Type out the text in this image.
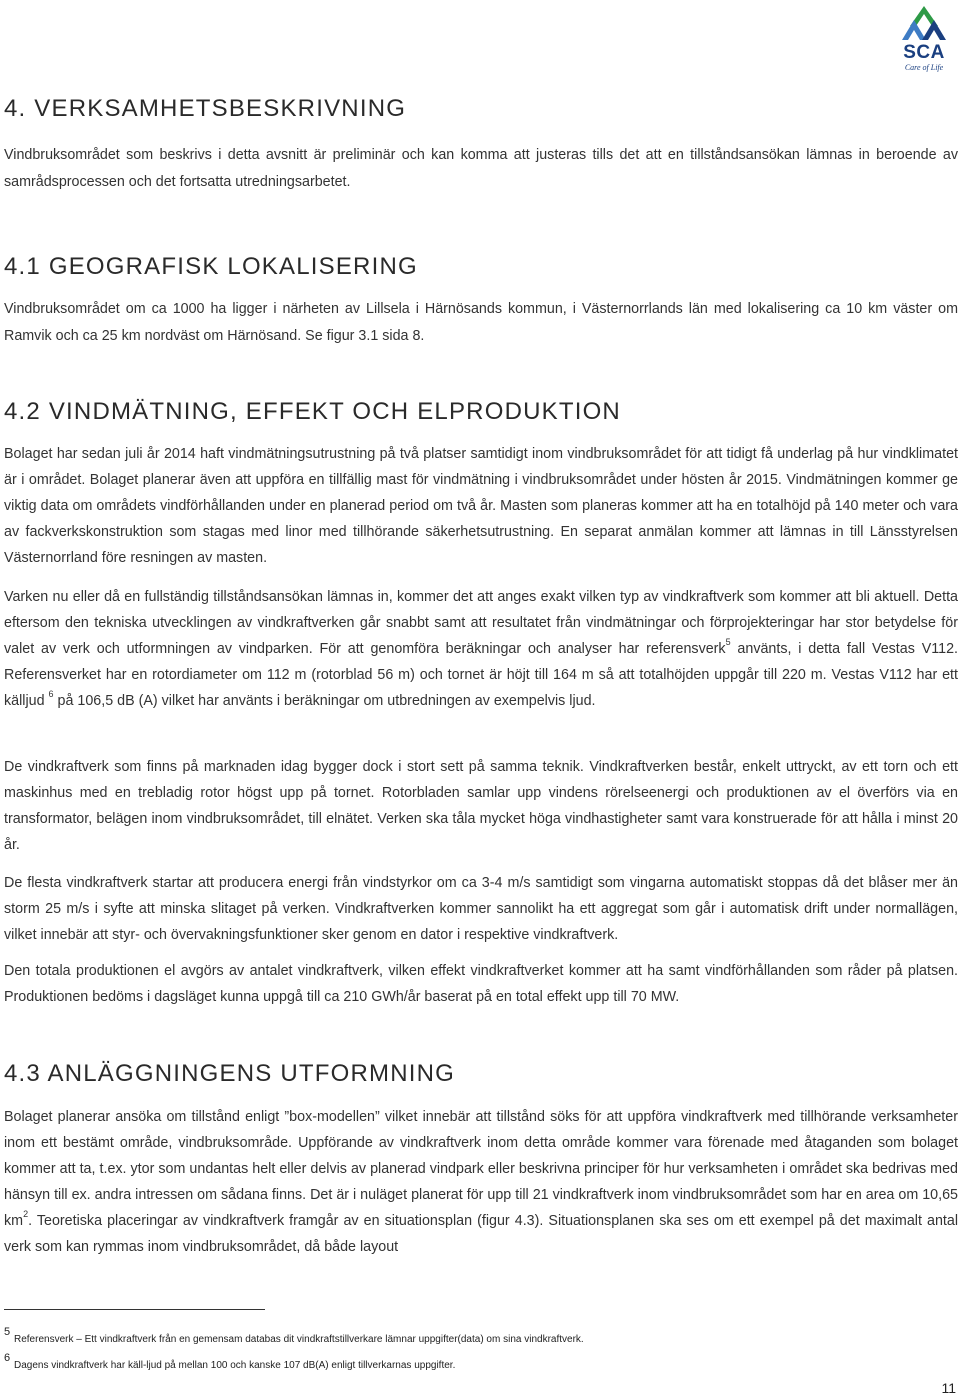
SCA
Care of Life
4. VERKSAMHETSBESKRIVNING

Vindbruksområdet som beskrivs i detta avsnitt är preliminär och kan komma att justeras tills det att en tillståndsansökan lämnas in beroende av samrådsprocessen och det fortsatta utredningsarbetet.

4.1 GEOGRAFISK LOKALISERING

Vindbruksområdet om ca 1000 ha ligger i närheten av Lillsela i Härnösands kommun, i Västernorrlands län med lokalisering ca 10 km väster om Ramvik och ca 25 km nordväst om Härnösand. Se figur 3.1 sida 8.

4.2 VINDMÄTNING, EFFEKT OCH ELPRODUKTION

Bolaget har sedan juli år 2014 haft vindmätningsutrustning på två platser samtidigt inom vindbruksområdet för att tidigt få underlag på hur vindklimatet är i området. Bolaget planerar även att uppföra en tillfällig mast för vindmätning i vindbruksområdet under hösten år 2015. Vindmätningen kommer ge viktig data om områdets vindförhållanden under en planerad period om två år. Masten som planeras kommer att ha en totalhöjd på 140 meter och vara av fackverkskonstruktion som stagas med linor med tillhörande säkerhetsutrustning. En separat anmälan kommer att lämnas in till Länsstyrelsen Västernorrland före resningen av masten.

Varken nu eller då en fullständig tillståndsansökan lämnas in, kommer det att anges exakt vilken typ av vindkraftverk som kommer att bli aktuell. Detta eftersom den tekniska utvecklingen av vindkraftverken går snabbt samt att resultatet från vindmätningar och förprojekteringar har stor betydelse för valet av verk och utformningen av vindparken. För att genomföra beräkningar och analyser har referensverk$^5$ använts, i detta fall Vestas V112. Referensverket har en rotordiameter om 112 m (rotorblad 56 m) och tornet är höjt till 164 m så att totalhöjden uppgår till 220 m. Vestas V112 har ett källjud $^6$ på 106,5 dB (A) vilket har använts i beräkningar om utbredningen av exempelvis ljud.

De vindkraftverk som finns på marknaden idag bygger dock i stort sett på samma teknik. Vindkraftverken består, enkelt uttryckt, av ett torn och ett maskinhus med en trebladig rotor högst upp på tornet. Rotorbladen samlar upp vindens rörelseenergi och produktionen av el överförs via en transformator, belägen inom vindbruksområdet, till elnätet. Verken ska tåla mycket höga vindhastigheter samt vara konstruerade för att hålla i minst 20 år.

De flesta vindkraftverk startar att producera energi från vindstyrkor om ca 3-4 m/s samtidigt som vingarna automatiskt stoppas då det blåser mer än storm 25 m/s i syfte att minska slitaget på verken. Vindkraftverken kommer sannolikt ha ett aggregat som går i automatisk drift under normallägen, vilket innebär att styr- och övervakningsfunktioner sker genom en dator i respektive vindkraftverk.

Den totala produktionen el avgörs av antalet vindkraftverk, vilken effekt vindkraftverket kommer att ha samt vindförhållanden som råder på platsen. Produktionen bedöms i dagsläget kunna uppgå till ca 210 GWh/år baserat på en total effekt upp till 70 MW.

4.3 ANLÄGGNINGENS UTFORMNING

Bolaget planerar ansöka om tillstånd enligt ”box-modellen” vilket innebär att tillstånd söks för att uppföra vindkraftverk med tillhörande verksamheter inom ett bestämt område, vindbruksområde. Uppförande av vindkraftverk inom detta område kommer vara förenade med åtaganden som bolaget kommer att ta, t.ex. ytor som undantas helt eller delvis av planerad vindpark eller beskrivna principer för hur verksamheten i området ska bedrivas med hänsyn till ex. andra intressen om sådana finns. Det är i nuläget planerat för upp till 21 vindkraftverk inom vindbruksområdet som har en area om 10,65 $km^2$. Teoretiska placeringar av vindkraftverk framgår av en situationsplan (figur 4.3). Situationsplanen ska ses om ett exempel på det maximalt antal verk som kan rymmas inom vindbruksområdet, då både layout

5
Referensverk – Ett vindkraftverk från en gemensam databas dit vindkraftstillverkare lämnar uppgifter(data) om sina vindkraftverk.
6
Dagens vindkraftverk har käll-ljud på mellan 100 och kanske 107 dB(A) enligt tillverkarnas uppgifter.
11
